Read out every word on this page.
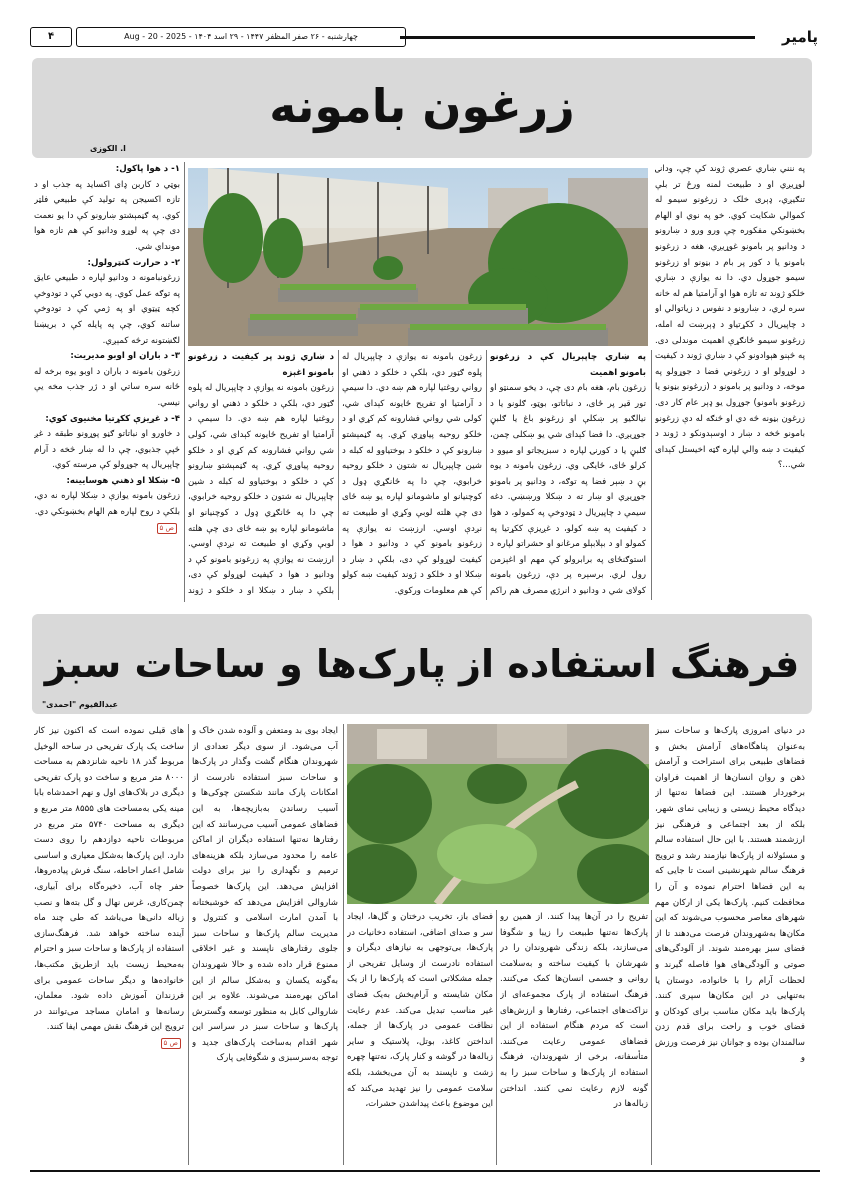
پامیر
چهارشنبه - ۲۶ صفر المظفر ۱۴۴۷ - ۲۹ اسد ۱۴۰۴ - Aug - 20 - 2025
۴
زرغون بامونه
ا. الکوزی

په ننني ښاري عصري ژوند کې چې، ودانۍ لوړيږي او د طبيعت لمنه ورځ تر بلې تنګيږي، ډېری خلک د زرغونو سیمو له کموالي شکایت کوي. خو په نوي او الهام بخښونکي مفکوره چې ورو ورو د ښارونو د ودانیو پر بامونو غوړيږي، هغه د زرغونو بامونو یا د کور پر بام د بڼونو او زرغونو سیمو جوړول دي. دا نه یوازې د ښاري خلکو ژوند ته تازه هوا او آرامتیا هم له خانه سره لري، د ښارونو د نفوس د زیاتوالي او د چاپیریال د ککړتیاو د ډېرښت له امله، زرغونو سیمو ځانګړې اهمیت موندلی دی. په څېنو هېوادونو کې د ښاري ژوند د کیفیت د لوړولو او د زرغوني فضا د جوړولو په موخه، د ودانیو پر بامونو د (زرغونو بڼونو یا زرغونو بامونو) جوړول یو ډېر عام کار دی. زرغون بڼونه څه دي او څنګه له دې زرغونو بامونو څخه د ښار د اوسېدونکو د ژوند د کیفیت د ښه والي لپاره ګټه اخیستل کېدای شي...؟

په ښاري چاپېریال کې د زرغونو بامونو اهمیت

زرغون بام، هغه بام دی چې، د یخو سمنټو او تور قیر پر ځای، د نباتاتو، بوټو، ګلونو یا د نیالګیو پر ښکلې او زرغونو باغ یا ګلبڼ جوړیږي. دا فضا کېدای شي یو ښکلی چمن، ګلبڼ یا د کورنۍ لپاره د سبزیجاتو او میوو د کرلو ځای، ځایګی وي. زرغون بامونه د یوه بڼ د ښېر فضا په توګه، د ودانیو پر بامونو جوړیږي او ښار ته د ښکلا ورښښي. دغه سیمې د چاپیریال د ټودوخې په کمولو، د هوا د کیفیت په ښه کولو، د غږیزې ککړتیا په کمولو او د بېلابېلو مرغانو او حشراتو لپاره د استوګنځای په برابرولو کې مهم او اغېزمن رول لري. برسېره پر دې، زرغون بامونه کولای شي د ودانیو د انرژۍ مصرف هم راکم

زرغون بامونه نه یوازې د چاپېریال له پلوه ګټور دي، بلکې د خلکو د ذهني او رواني روغتیا لپاره هم ښه دي. دا سیمې د آرامتیا او تفریح ځایونه کېدای شي، کولی شي رواني فشارونه کم کړي او د خلکو روحیه پیاوړي کړي. په ګڼمېشتو ښارونو کې د خلکو د بوختیاوو له کبله د شین چاپېریال نه شتون د خلکو روحیه خرابوي، چې دا په ځانګړي ډول د کوچنيانو او ماشومانو لپاره یو ښه ځای دی چې هلته لوبې وکړي او طبیعت ته نږدې اوسي. ارزښت نه یوازې په زرغونو بامونو کې د ودانیو د هوا د کیفیت لوړولو کې دی، بلکې د ښار د ښکلا او د خلکو د ژوند کیفیت ښه کولو کې هم معلومات ورکوي.

د ښاري ژوند پر کیفیت د زرغونو بامونو اغېزه

زرغون بامونه نه یوازې د چاپېریال له پلوه ګټور دي، بلکې د خلکو د ذهني او رواني روغتیا لپاره هم ښه دي. دا سیمې د آرامتیا او تفریح ځایونه کېدای شي، کولی شي رواني فشارونه کم کړي او د خلکو روحیه پیاوړي کړي. په ګڼمېشتو ښارونو کې د خلکو د بوختیاوو له کبله د شین چاپېریال نه شتون د خلکو روحیه خرابوي، چې دا په ځانګړي ډول د کوچنيانو او ماشومانو لپاره یو ښه ځای دی چې هلته لوبې وکړي او طبیعت ته نږدې اوسي. ارزښت نه یوازې په زرغونو بامونو کې د ودانیو د هوا د کیفیت لوړولو کې دی، بلکې د ښار د ښکلا او د خلکو د ژوند

۱- د هوا پاکول:

بوټي د کاربن ډای اکساید په جذب او د تازه اکسیجن په تولید کې طبیعي فلټر کوي. په ګڼمېشتو ښارونو کې دا یو نعمت دی چې په لوړو ودانیو کې هم تازه هوا مونداي شي.

۲- د حرارت کنټرولول:

زرغونبامونه د ودانیو لپاره د طبیعي عایق په توګه عمل کوي. په دوبي کې د تودوخې کچه ټیټوي او په ژمي کې د تودوخې ساتنه کوي، چې په پایله کې د بریښنا لګښتونه ترڅه کمېږي.

۳- د باران او اوبو مدیریت:

زرغون بامونه د باران د اوبو یوه برخه له ځانه سره ساتي او د ژر جذب مخه یې نیسي.

۴- د غږیزې ککړتیا مخنیوی کوي:

د خاورو او نباتاتو ګڼو پوړونو طبقه د غږ څپې جذبوي، چې دا له ښار څخه د آرام چاپېریال په جوړولو کې مرسته کوي.

۵- ښکلا او ذهني هوسایینه:

زرغون بامونه یوازې د ښکلا لپاره نه دي، بلکې د روح لپاره هم الهام بخښونکي دي.

ص ۵
فرهنگ استفاده از پارک‌ها و ساحات سبز
عبدالقیوم "احمدی"

در دنیای امروزی پارک‌ها و ساحات سبز به‌عنوان پناهگاه‌های آرامش بخش و فضاهای طبیعی برای استراحت و آرامش ذهن و روان انسان‌ها از اهمیت فراوان برخوردار هستند. این فضاها نه‌تنها از دیدگاه محیط زیستی و زیبایی نمای شهر، بلکه از بعد اجتماعی و فرهنگی نیز ارزشمند هستند. با این حال استفاده سالم و مسئولانه از پارک‌ها نیازمند رشد و ترویج فرهنگ سالم شهرنشینی است تا جایی که به این فضاها احترام نموده و آن را محافظت کنیم. پارک‌ها یکی از ارکان مهم شهرهای معاصر محسوب می‌شوند که این مکان‌ها به‌شهروندان فرصت می‌دهند تا از فضای سبز بهره‌مند شوند. از آلودگی‌های صوتی و آلودگی‌های هوا فاصله گیرند و لحظات آرام را با خانواده، دوستان یا به‌تنهایی در این مکان‌ها سپری کنند. پارک‌ها باید مکان مناسب برای کودکان و فضای خوب و راحت برای قدم زدن سالمندان بوده و جوانان نیز فرصت ورزش و

تفریح را در آن‌ها پیدا کنند. از همین رو پارک‌ها نه‌تنها طبیعت را زیبا و شگوفا می‌سازند، بلکه زندگی شهروندان را در شهرشان با کیفیت ساخته و به‌سلامت روانی و جسمی انسان‌ها کمک می‌کنند. فرهنگ استفاده از پارک مجموعه‌ای از نزاکت‌های اجتماعی، رفتارها و ارزش‌های است که مردم هنگام استفاده از این فضاهای عمومی رعایت می‌کنند. متأسفانه، برخی از شهروندان، فرهنگ استفاده از پارک‌ها و ساحات سبز را به گونه لازم رعایت نمی کنند. انداختن زباله‌ها در

فضای باز، تخریب درختان و گل‌ها، ایجاد سر و صدای اضافی، استفاده دخانیات در پارک‌ها، بی‌توجهی به نیازهای دیگران و استفاده نادرست از وسایل تفریحی از جمله مشکلاتی است که پارک‌ها را از یک مکان شایسته و آرام‌بخش به‌یک فضای غیر مناسب تبدیل می‌کند. عدم رعایت نظافت عمومی در پارک‌ها از جمله، انداختن کاغذ، بوتل، پلاستیک و سایر زباله‌ها در گوشه و کنار پارک، نه‌تنها چهره زشت و ناپسند به آن می‌بخشد، بلکه سلامت عمومی را نیز تهدید می‌کند که این موضوع باعث پیداشدن حشرات،

ایجاد بوی بد ومتعفن و آلوده شدن خاک و آب می‌شود. از سوی دیگر تعدادی از شهروندان هنگام گشت وگذار در پارک‌ها و ساحات سبز استفاده نادرست از امکانات پارک مانند شکستن چوکی‌ها و آسیب رساندن به‌بازیچه‌ها، به این فضاهای عمومی آسیب می‌رسانند که این رفتارها نه‌تنها استفاده دیگران از اماکن عامه را محدود می‌سازد بلکه هزینه‌های ترمیم و نگهداری را نیز برای دولت افزایش می‌دهد. این پارک‌ها خصوصاً شاروالی افزایش می‌دهد که خوشبختانه با آمدن امارت اسلامی و کنترول و مدیریت سالم پارک‌ها و ساحات سبز جلوی رفتارهای ناپسند و غیر اخلاقی ممنوع قرار داده شده و حالا شهروندان به‌گونه یکسان و به‌شکل سالم از این اماکن بهره‌مند می‌شوند. علاوه بر این شاروالی کابل به منظور توسعه وگسترش پارک‌ها و ساحات سبز در سراسر این شهر اقدام به‌ساخت پارک‌های جدید و توجه به‌سرسبزی و شگوفایی پارک

های قبلی نموده است که اکنون نیز کار ساخت یک پارک تفریحی در ساحه الوخیل مربوط گذر ۱۸ ناحیه شانزدهم به مساحت ۸۰۰۰ متر مربع و ساخت دو پارک تفریحی دیگری در بلاک‌های اول و نهم احمدشاه بابا مینه یکی به‌مساحت های ۸۵۵۵ متر مربع و دیگری به مساحت ۵۷۴۰ متر مربع در مربوطات ناحیه دوازدهم را روی دست دارد. این پارک‌ها به‌شکل معیاری و اساسی شامل اعمار احاطه، سنگ فرش پیاده‌روها، حفر چاه آب، ذخیره‌گاه برای آبیاری، چمن‌کاری، غرس نهال و گل بته‌ها و نصب زباله دانی‌ها می‌باشد که طی چند ماه آینده ساخته خواهد شد. فرهنگ‌سازی استفاده از پارک‌ها و ساحات سبز و احترام به‌محیط زیست باید ازطریق مکتب‌ها، خانواده‌ها و دیگر ساحات عمومی برای فرزندان آموزش داده شود. معلمان، رسانه‌ها و امامان مساجد می‌توانند در ترویج این فرهنگ نقش مهمی ایفا کنند.

ص ۵
